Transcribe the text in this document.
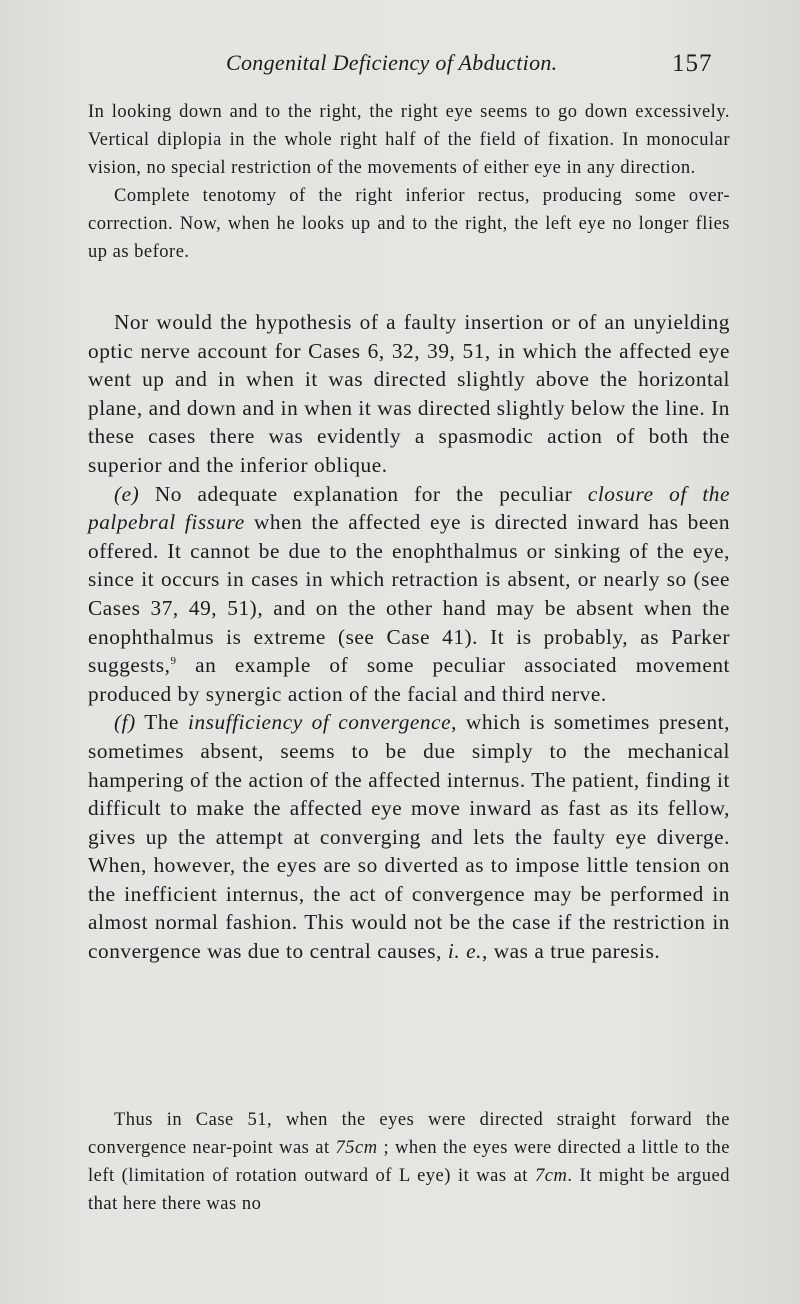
Congenital Deficiency of Abduction.	157

In looking down and to the right, the right eye seems to go down excessively. Vertical diplopia in the whole right half of the field of fixation. In monocular vision, no special restriction of the movements of either eye in any direction.

Complete tenotomy of the right inferior rectus, producing some over-correction. Now, when he looks up and to the right, the left eye no longer flies up as before.

Nor would the hypothesis of a faulty insertion or of an unyielding optic nerve account for Cases 6, 32, 39, 51, in which the affected eye went up and in when it was directed slightly above the horizontal plane, and down and in when it was directed slightly below the line. In these cases there was evidently a spasmodic action of both the superior and the inferior oblique.

(e) No adequate explanation for the peculiar closure of the palpebral fissure when the affected eye is directed inward has been offered. It cannot be due to the enophthalmus or sinking of the eye, since it occurs in cases in which retraction is absent, or nearly so (see Cases 37, 49, 51), and on the other hand may be absent when the enophthalmus is extreme (see Case 41). It is probably, as Parker suggests,$^9$ an example of some peculiar associated movement produced by synergic action of the facial and third nerve.

(f) The insufficiency of convergence, which is sometimes present, sometimes absent, seems to be due simply to the mechanical hampering of the action of the affected internus. The patient, finding it difficult to make the affected eye move inward as fast as its fellow, gives up the attempt at converging and lets the faulty eye diverge. When, however, the eyes are so diverted as to impose little tension on the inefficient internus, the act of convergence may be performed in almost normal fashion. This would not be the case if the restriction in convergence was due to central causes, i. e., was a true paresis.

Thus in Case 51, when the eyes were directed straight forward the convergence near-point was at 75cm ; when the eyes were directed a little to the left (limitation of rotation outward of L eye) it was at 7cm. It might be argued that here there was no
